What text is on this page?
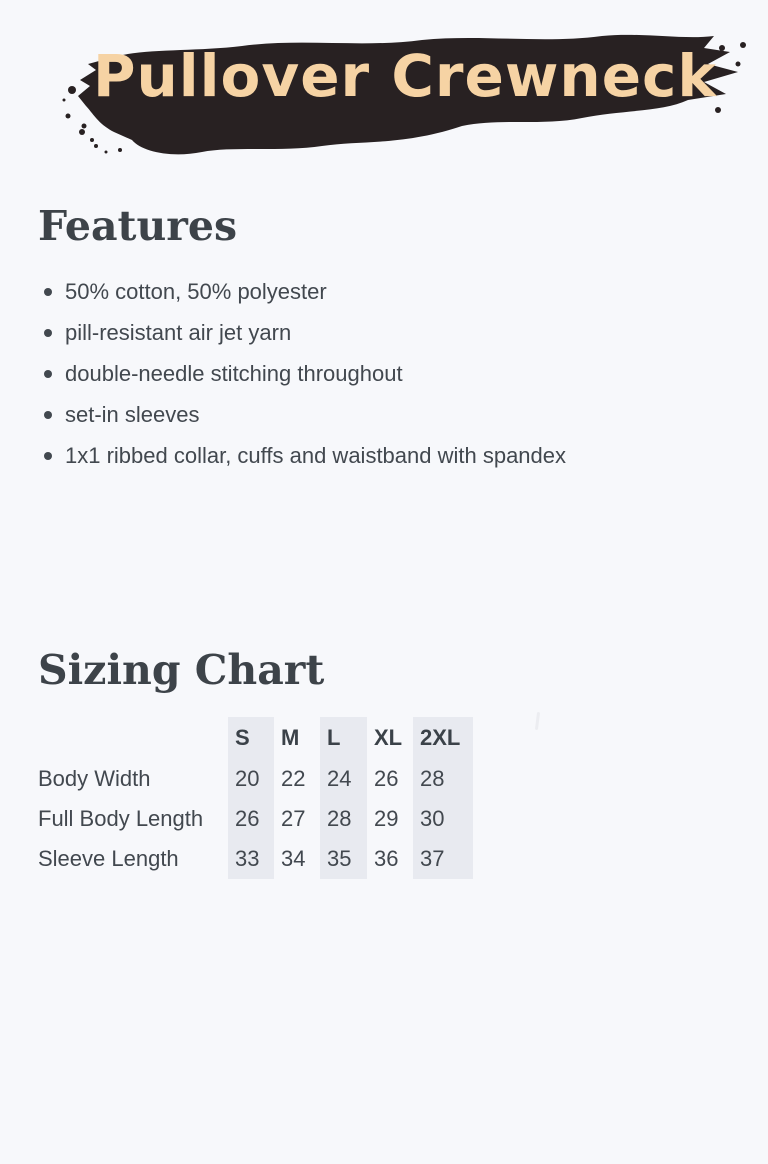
Pullover Crewneck
Features
50% cotton, 50% polyester
pill-resistant air jet yarn
double-needle stitching throughout
set-in sleeves
1x1 ribbed collar, cuffs and waistband with spandex
Sizing Chart
	S	M	L	XL	2XL
Body Width	20	22	24	26	28
Full Body Length	26	27	28	29	30
Sleeve Length	33	34	35	36	37
